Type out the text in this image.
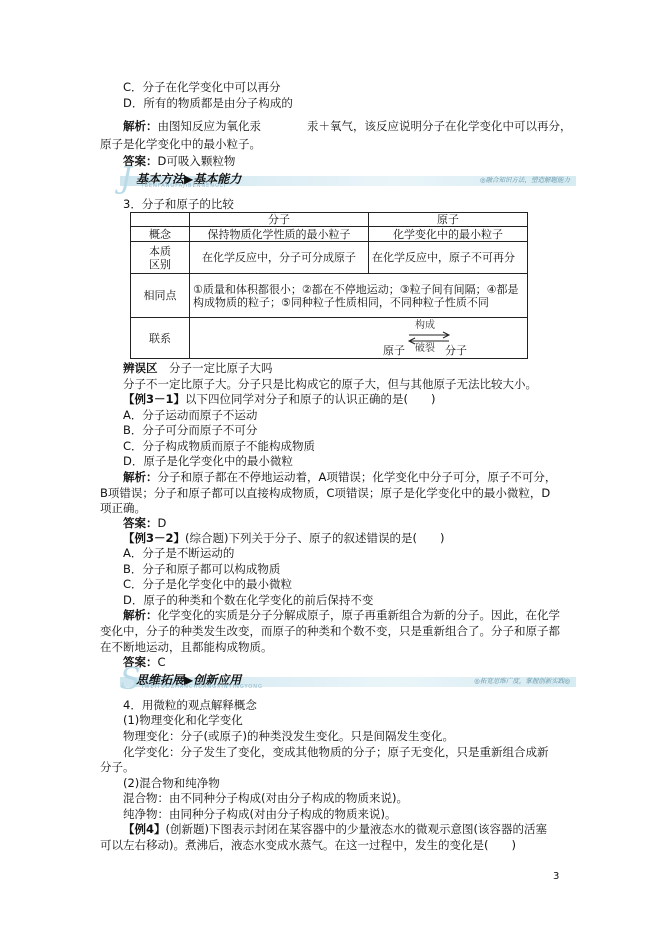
C．分子在化学变化中可以再分
D．所有的物质都是由分子构成的
解析：由图知反应为氧化汞	汞＋氧气，该反应说明分子在化学变化中可以再分，
原子是化学变化中的最小粒子。
答案：D可吸入颗粒物
J 基本方法▶基本能力
IBENFANGFAJIBENNENGLI
◎融合知识方法，塑造解题能力
3．分子和原子的比较
	分子	原子
概念	保持物质化学性质的最小粒子	化学变化中的最小粒子
本质
区别	在化学反应中，分子可分成原子	在化学反应中，原子不可再分
相同点	①质量和体积都很小；②都在不停地运动；③粒子间有间隔；④都是构成物质的粒子；⑤同种粒子性质相同，不同种粒子性质不同	
联系	构成
原子 破裂 分子	
辨误区　 分子一定比原子大吗
分子不一定比原子大。分子只是比构成它的原子大，但与其他原子无法比较大小。
【例3－1】以下四位同学对分子和原子的认识正确的是(　　)
A．分子运动而原子不运动
B．分子可分而原子不可分
C．分子构成物质而原子不能构成物质
D．原子是化学变化中的最小微粒
解析：分子和原子都在不停地运动着，A项错误；化学变化中分子可分，原子不可分，
B项错误；分子和原子都可以直接构成物质，C项错误；原子是化学变化中的最小微粒，D
项正确。
答案：D
【例3－2】(综合题)下列关于分子、原子的叙述错误的是(　　)
A．分子是不断运动的
B．分子和原子都可以构成物质
C．分子是化学变化中的最小微粒
D．原子的种类和个数在化学变化的前后保持不变
解析：化学变化的实质是分子分解成原子，原子再重新组合为新的分子。因此，在化学
变化中，分子的种类发生改变，而原子的种类和个数不变，只是重新组合了。分子和原子都
在不断地运动，且都能构成物质。
答案：C
S
思维拓展▶创新应用
IWEITUOZHANCHUANGXINYINGYONG
◎拓宽思维广度，掌握创新实践◎
4．用微粒的观点解释概念
(1)物理变化和化学变化
物理变化：分子(或原子)的种类没发生变化。只是间隔发生变化。
化学变化：分子发生了变化，变成其他物质的分子；原子无变化，只是重新组合成新
分子。
(2)混合物和纯净物
混合物：由不同种分子构成(对由分子构成的物质来说)。
纯净物：由同种分子构成(对由分子构成的物质来说)。
【例4】(创新题)下图表示封闭在某容器中的少量液态水的微观示意图(该容器的活塞
可以左右移动)。煮沸后，液态水变成水蒸气。在这一过程中，发生的变化是(　　)
3
